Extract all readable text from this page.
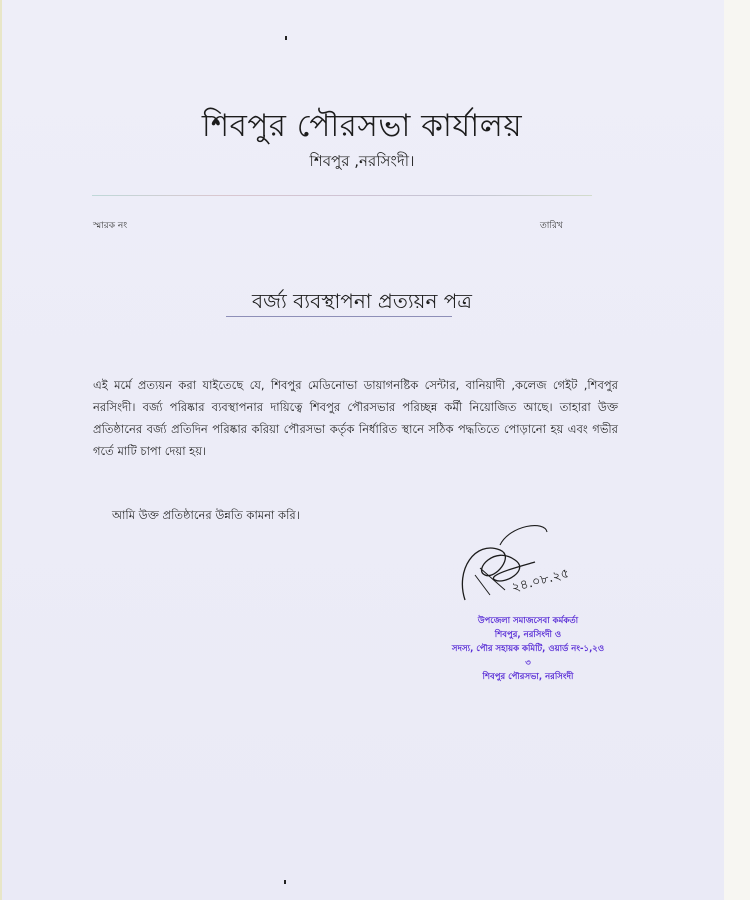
শিবপুর পৌরসভা কার্যালয়
শিবপুর ,নরসিংদী।
স্মারক নং	তারিখ
বর্জ্য ব্যবস্থাপনা প্রত্যয়ন পত্র
এই মর্মে প্রত্যয়ন করা যাইতেছে যে, শিবপুর মেডিনোভা ডায়াগনষ্টিক সেন্টার, বানিয়াদী ,কলেজ গেইট ,শিবপুর নরসিংদী। বর্জ্য পরিষ্কার ব্যবস্থাপনার দায়িত্বে শিবপুর পৌরসভার পরিচ্ছন্ন কর্মী নিয়োজিত আছে। তাহারা উক্ত প্রতিষ্ঠানের বর্জ্য প্রতিদিন পরিষ্কার করিয়া পৌরসভা কর্তৃক নির্ধারিত স্থানে সঠিক পদ্ধতিতে পোড়ানো হয় এবং গভীর গর্তে মাটি চাপা দেয়া হয়।
আমি উক্ত প্রতিষ্ঠানের উন্নতি কামনা করি।
২৪.০৮.২৫
উপজেলা সমাজসেবা কর্মকর্তা
শিবপুর, নরসিংদী ও
সদস্য, পৌর সহায়ক কমিটি, ওয়ার্ড নং-১,২ও ৩
শিবপুর পৌরসভা, নরসিংদী
